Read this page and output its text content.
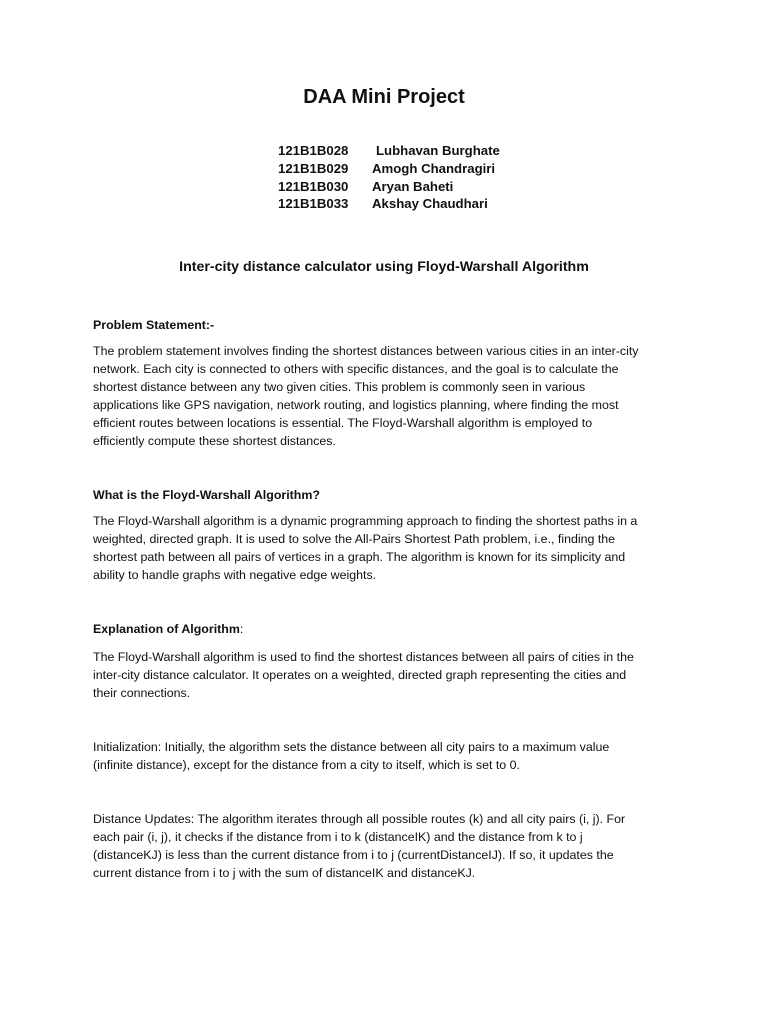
DAA Mini Project
121B1B028	Lubhavan Burghate
121B1B029	Amogh Chandragiri
121B1B030	Aryan Baheti
121B1B033	Akshay Chaudhari
Inter-city distance calculator using Floyd-Warshall Algorithm

Problem Statement:-

The problem statement involves finding the shortest distances between various cities in an inter-city

network. Each city is connected to others with specific distances, and the goal is to calculate the

shortest distance between any two given cities. This problem is commonly seen in various

applications like GPS navigation, network routing, and logistics planning, where finding the most

efficient routes between locations is essential. The Floyd-Warshall algorithm is employed to

efficiently compute these shortest distances.

What is the Floyd-Warshall Algorithm?

The Floyd-Warshall algorithm is a dynamic programming approach to finding the shortest paths in a

weighted, directed graph. It is used to solve the All-Pairs Shortest Path problem, i.e., finding the

shortest path between all pairs of vertices in a graph. The algorithm is known for its simplicity and

ability to handle graphs with negative edge weights.

Explanation of Algorithm:

The Floyd-Warshall algorithm is used to find the shortest distances between all pairs of cities in the

inter-city distance calculator. It operates on a weighted, directed graph representing the cities and

their connections.

Initialization: Initially, the algorithm sets the distance between all city pairs to a maximum value

(infinite distance), except for the distance from a city to itself, which is set to 0.

Distance Updates: The algorithm iterates through all possible routes (k) and all city pairs (i, j). For

each pair (i, j), it checks if the distance from i to k (distanceIK) and the distance from k to j

(distanceKJ) is less than the current distance from i to j (currentDistanceIJ). If so, it updates the

current distance from i to j with the sum of distanceIK and distanceKJ.
